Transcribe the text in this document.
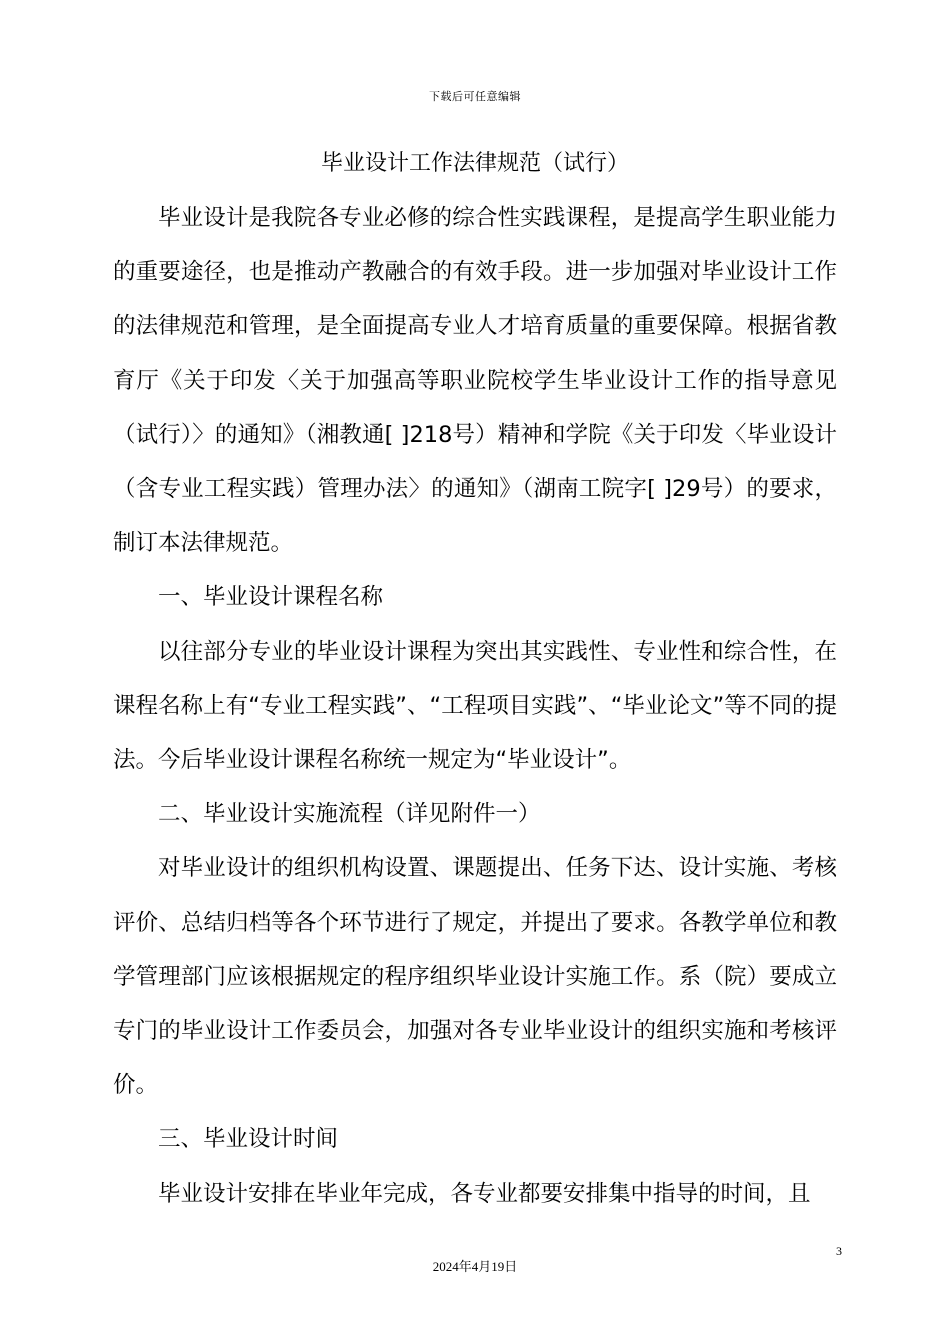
下载后可任意编辑
毕业设计工作法律规范（试行）

毕业设计是我院各专业必修的综合性实践课程，是提高学生职业能力的重要途径，也是推动产教融合的有效手段。进一步加强对毕业设计工作的法律规范和管理，是全面提高专业人才培育质量的重要保障。根据省教育厅《关于印发〈关于加强高等职业院校学生毕业设计工作的指导意见（试行）〉的通知》（湘教通[ ]218号）精神和学院《关于印发〈毕业设计（含专业工程实践）管理办法〉的通知》（湖南工院字[ ]29号）的要求，制订本法律规范。

一、毕业设计课程名称

以往部分专业的毕业设计课程为突出其实践性、专业性和综合性，在课程名称上有“专业工程实践”、“工程项目实践”、“毕业论文”等不同的提法。今后毕业设计课程名称统一规定为“毕业设计”。

二、毕业设计实施流程（详见附件一）

对毕业设计的组织机构设置、课题提出、任务下达、设计实施、考核评价、总结归档等各个环节进行了规定，并提出了要求。各教学单位和教学管理部门应该根据规定的程序组织毕业设计实施工作。系（院）要成立专门的毕业设计工作委员会，加强对各专业毕业设计的组织实施和考核评价。

三、毕业设计时间

毕业设计安排在毕业年完成，各专业都要安排集中指导的时间，且

3
2024年4月19日
